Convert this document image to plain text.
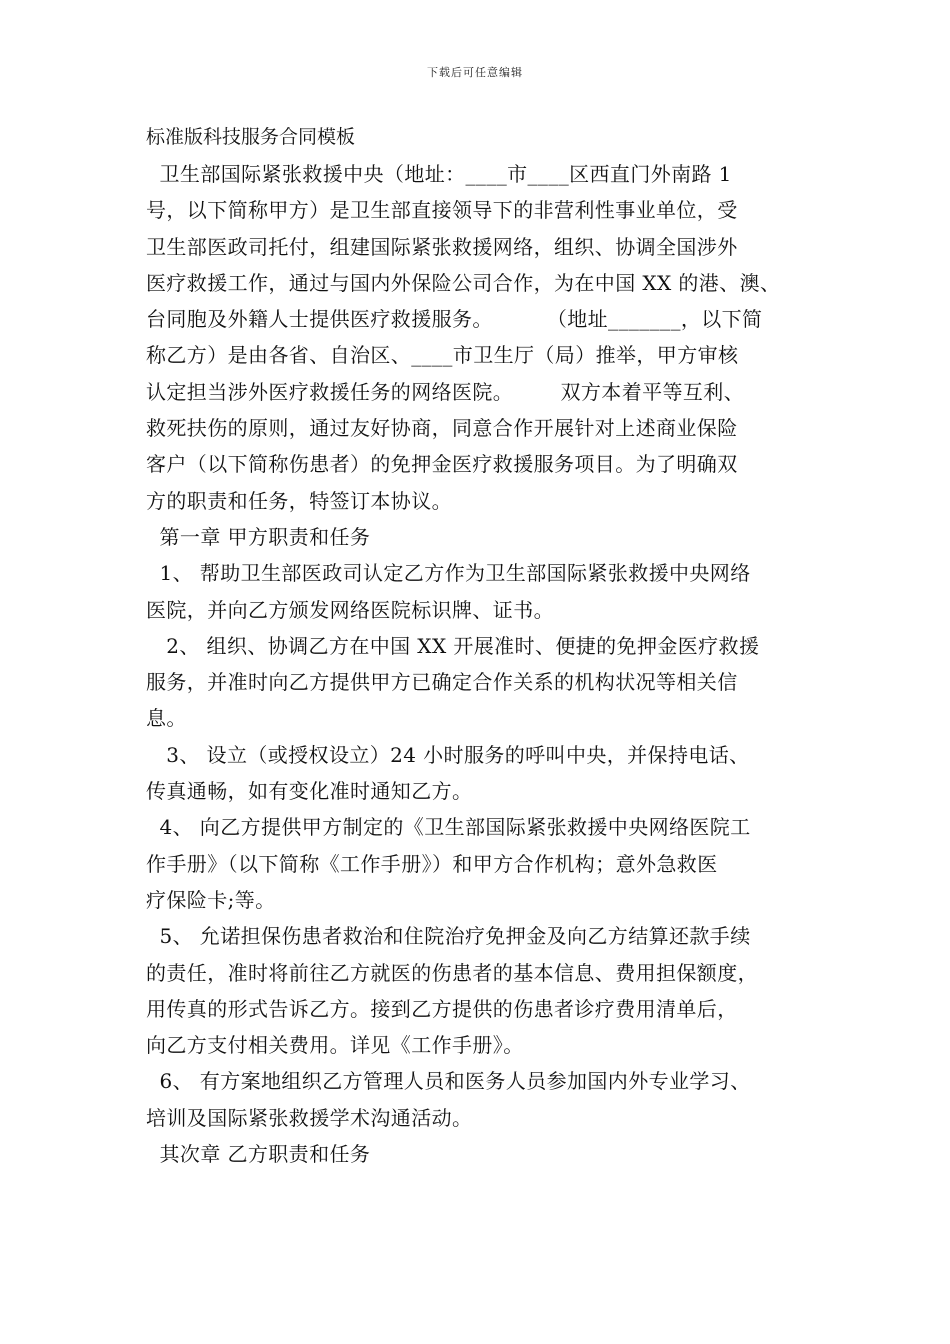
下载后可任意编辑
标准版科技服务合同模板
卫生部国际紧张救援中央（地址：____市____区西直门外南路 1
号，以下简称甲方）是卫生部直接领导下的非营利性事业单位，受
卫生部医政司托付，组建国际紧张救援网络，组织、协调全国涉外
医疗救援工作，通过与国内外保险公司合作，为在中国 XX 的港、澳、
台同胞及外籍人士提供医疗救援服务。        （地址_______，以下简
称乙方）是由各省、自治区、____市卫生厅（局）推举，甲方审核
认定担当涉外医疗救援任务的网络医院。       双方本着平等互利、
救死扶伤的原则，通过友好协商，同意合作开展针对上述商业保险
客户（以下简称伤患者）的免押金医疗救援服务项目。为了明确双
方的职责和任务，特签订本协议。
第一章 甲方职责和任务
1、 帮助卫生部医政司认定乙方作为卫生部国际紧张救援中央网络
医院，并向乙方颁发网络医院标识牌、证书。
2、 组织、协调乙方在中国 XX 开展准时、便捷的免押金医疗救援
服务，并准时向乙方提供甲方已确定合作关系的机构状况等相关信
息。
3、 设立（或授权设立）24 小时服务的呼叫中央，并保持电话、
传真通畅，如有变化准时通知乙方。
4、 向乙方提供甲方制定的《卫生部国际紧张救援中央网络医院工
作手册》（以下简称《工作手册》）和甲方合作机构；意外急救医
疗保险卡;等。
5、 允诺担保伤患者救治和住院治疗免押金及向乙方结算还款手续
的责任，准时将前往乙方就医的伤患者的基本信息、费用担保额度，
用传真的形式告诉乙方。接到乙方提供的伤患者诊疗费用清单后，
向乙方支付相关费用。详见《工作手册》。
6、 有方案地组织乙方管理人员和医务人员参加国内外专业学习、
培训及国际紧张救援学术沟通活动。
其次章 乙方职责和任务
